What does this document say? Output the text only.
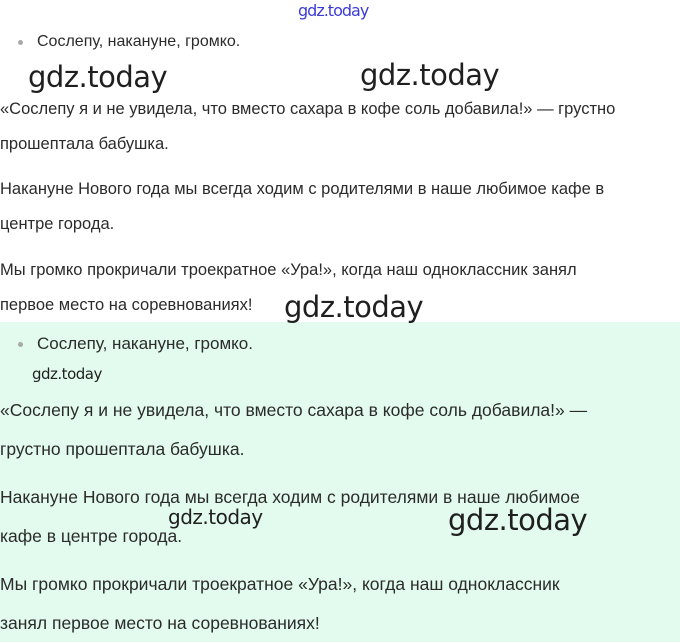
gdz.today
Сослепу, накануне, громко.

«Сослепу я и не увидела, что вместо сахара в кофе соль добавила!» — грустно

прошептала бабушка.

Накануне Нового года мы всегда ходим с родителями в наше любимое кафе в

центре города.

Мы громко прокричали троекратное «Ура!», когда наш одноклассник занял

первое место на соревнованиях!

Сослепу, накануне, громко.

«Сослепу я и не увидела, что вместо сахара в кофе соль добавила!» —

грустно прошептала бабушка.

Накануне Нового года мы всегда ходим с родителями в наше любимое

кафе в центре города.

Мы громко прокричали троекратное «Ура!», когда наш одноклассник

занял первое место на соревнованиях!

gdz.today	gdz.today
gdz.today
gdz.today
gdz.today	gdz.today
